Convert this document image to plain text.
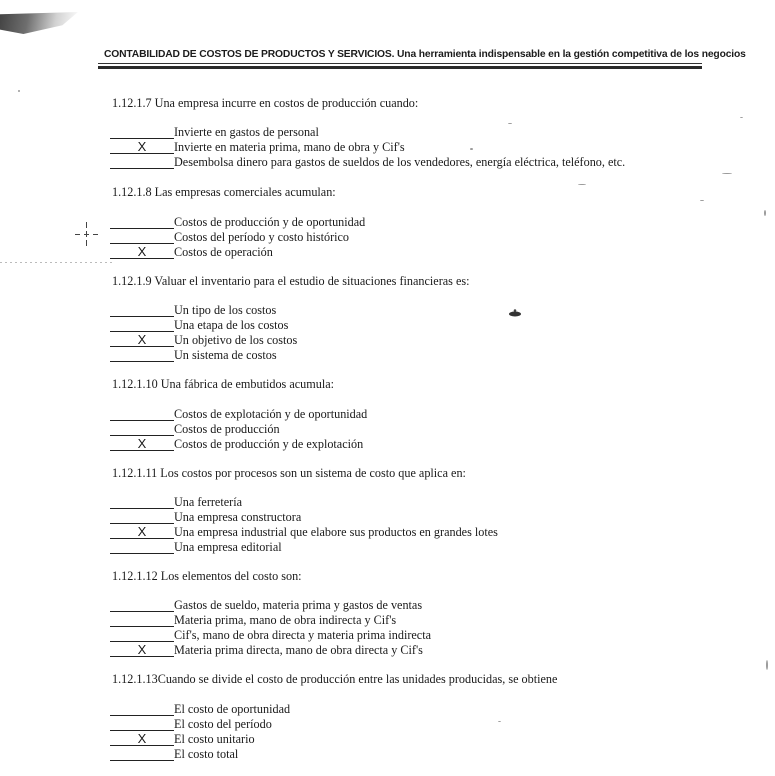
CONTABILIDAD DE COSTOS DE PRODUCTOS Y SERVICIOS. Una herramienta indispensable en la gestión competitiva de los negocios
1.12.1.7 Una empresa incurre en costos de producción cuando:
Invierte en gastos de personal
X	Invierte en materia prima, mano de obra y Cif's
Desembolsa dinero para gastos de sueldos de los vendedores, energía eléctrica, teléfono, etc.
1.12.1.8 Las empresas comerciales acumulan:
Costos de producción y de oportunidad
Costos del período y costo histórico
X	Costos de operación
1.12.1.9 Valuar el inventario para el estudio de situaciones financieras es:
Un tipo de los costos
Una etapa de los costos
X	Un objetivo de los costos
Un sistema de costos
1.12.1.10 Una fábrica de embutidos acumula:
Costos de explotación y de oportunidad
Costos de producción
X	Costos de producción y de explotación
1.12.1.11 Los costos por procesos son un sistema de costo que aplica en:
Una ferretería
Una empresa constructora
X	Una empresa industrial que elabore sus productos en grandes lotes
Una empresa editorial
1.12.1.12 Los elementos del costo son:
Gastos de sueldo, materia prima y gastos de ventas
Materia prima, mano de obra indirecta y Cif's
Cif's, mano de obra directa y materia prima indirecta
X	Materia prima directa, mano de obra directa y Cif's
1.12.1.13Cuando se divide el costo de producción entre las unidades producidas, se obtiene
El costo de oportunidad
El costo del período
X	El costo unitario
El costo total
